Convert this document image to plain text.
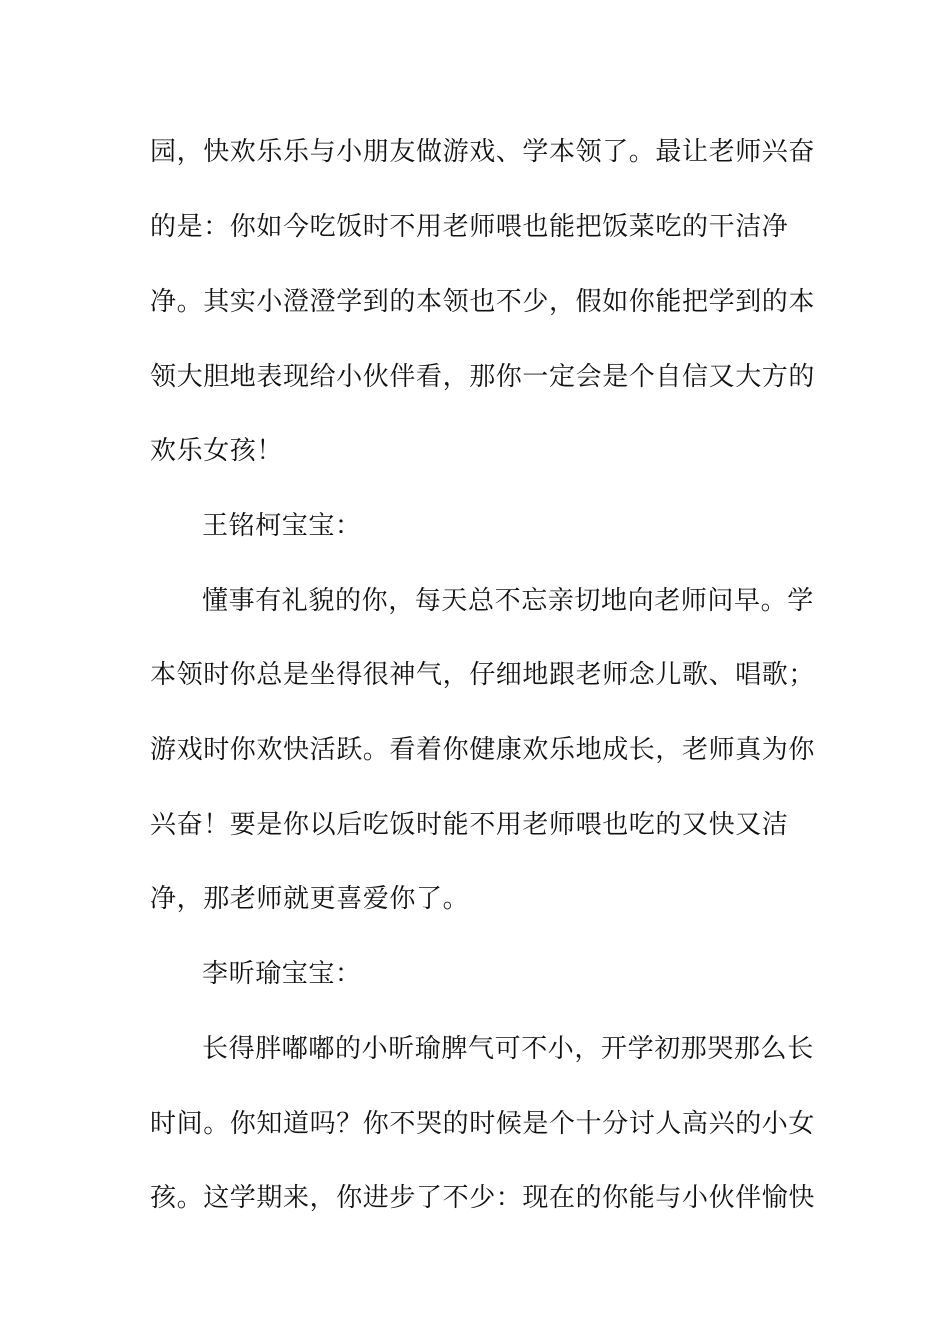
园，快欢乐乐与小朋友做游戏、学本领了。最让老师兴奋
的是：你如今吃饭时不用老师喂也能把饭菜吃的干洁净
净。其实小澄澄学到的本领也不少，假如你能把学到的本
领大胆地表现给小伙伴看，那你一定会是个自信又大方的
欢乐女孩！
王铭柯宝宝：
懂事有礼貌的你，每天总不忘亲切地向老师问早。学
本领时你总是坐得很神气，仔细地跟老师念儿歌、唱歌；
游戏时你欢快活跃。看着你健康欢乐地成长，老师真为你
兴奋！要是你以后吃饭时能不用老师喂也吃的又快又洁
净，那老师就更喜爱你了。
李昕瑜宝宝：
长得胖嘟嘟的小昕瑜脾气可不小，开学初那哭那么长
时间。你知道吗？你不哭的时候是个十分讨人高兴的小女
孩。这学期来，你进步了不少：现在的你能与小伙伴愉快
